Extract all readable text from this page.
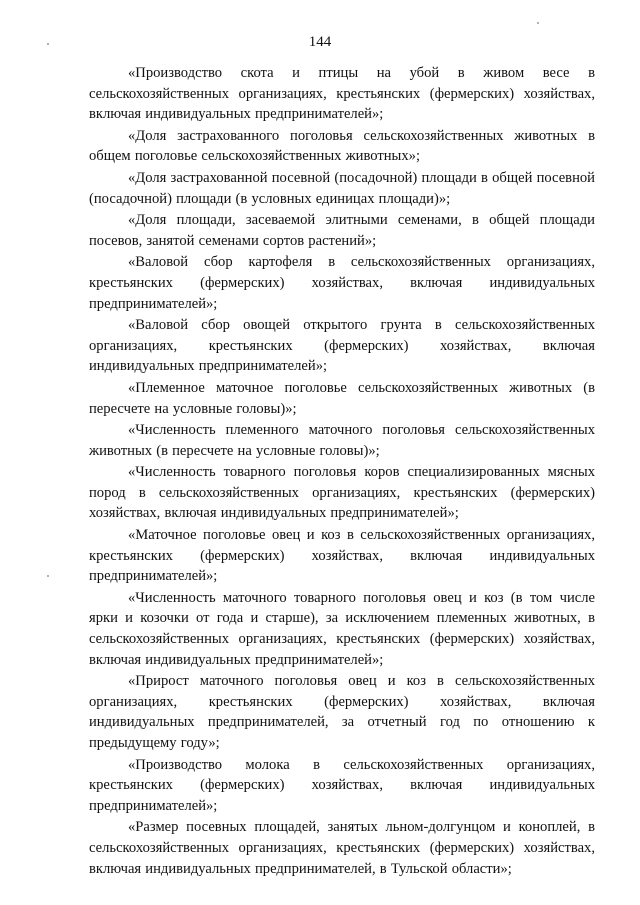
144

«Производство скота и птицы на убой в живом весе в сельскохозяйственных организациях, крестьянских (фермерских) хозяйствах, включая индивидуальных предпринимателей»;

«Доля застрахованного поголовья сельскохозяйственных животных в общем поголовье сельскохозяйственных животных»;

«Доля застрахованной посевной (посадочной) площади в общей посевной (посадочной) площади (в условных единицах площади)»;

«Доля площади, засеваемой элитными семенами, в общей площади посевов, занятой семенами сортов растений»;

«Валовой сбор картофеля в сельскохозяйственных организациях, крестьянских (фермерских) хозяйствах, включая индивидуальных предпринимателей»;

«Валовой сбор овощей открытого грунта в сельскохозяйственных организациях, крестьянских (фермерских) хозяйствах, включая индивидуальных предпринимателей»;

«Племенное маточное поголовье сельскохозяйственных животных (в пересчете на условные головы)»;

«Численность племенного маточного поголовья сельскохозяйственных животных (в пересчете на условные головы)»;

«Численность товарного поголовья коров специализированных мясных пород в сельскохозяйственных организациях, крестьянских (фермерских) хозяйствах, включая индивидуальных предпринимателей»;

«Маточное поголовье овец и коз в сельскохозяйственных организациях, крестьянских (фермерских) хозяйствах, включая индивидуальных предпринимателей»;

«Численность маточного товарного поголовья овец и коз (в том числе ярки и козочки от года и старше), за исключением племенных животных, в сельскохозяйственных организациях, крестьянских (фермерских) хозяйствах, включая индивидуальных предпринимателей»;

«Прирост маточного поголовья овец и коз в сельскохозяйственных организациях, крестьянских (фермерских) хозяйствах, включая индивидуальных предпринимателей, за отчетный год по отношению к предыдущему году»;

«Производство молока в сельскохозяйственных организациях, крестьянских (фермерских) хозяйствах, включая индивидуальных предпринимателей»;

«Размер посевных площадей, занятых льном-долгунцом и коноплей, в сельскохозяйственных организациях, крестьянских (фермерских) хозяйствах, включая индивидуальных предпринимателей, в Тульской области»;
